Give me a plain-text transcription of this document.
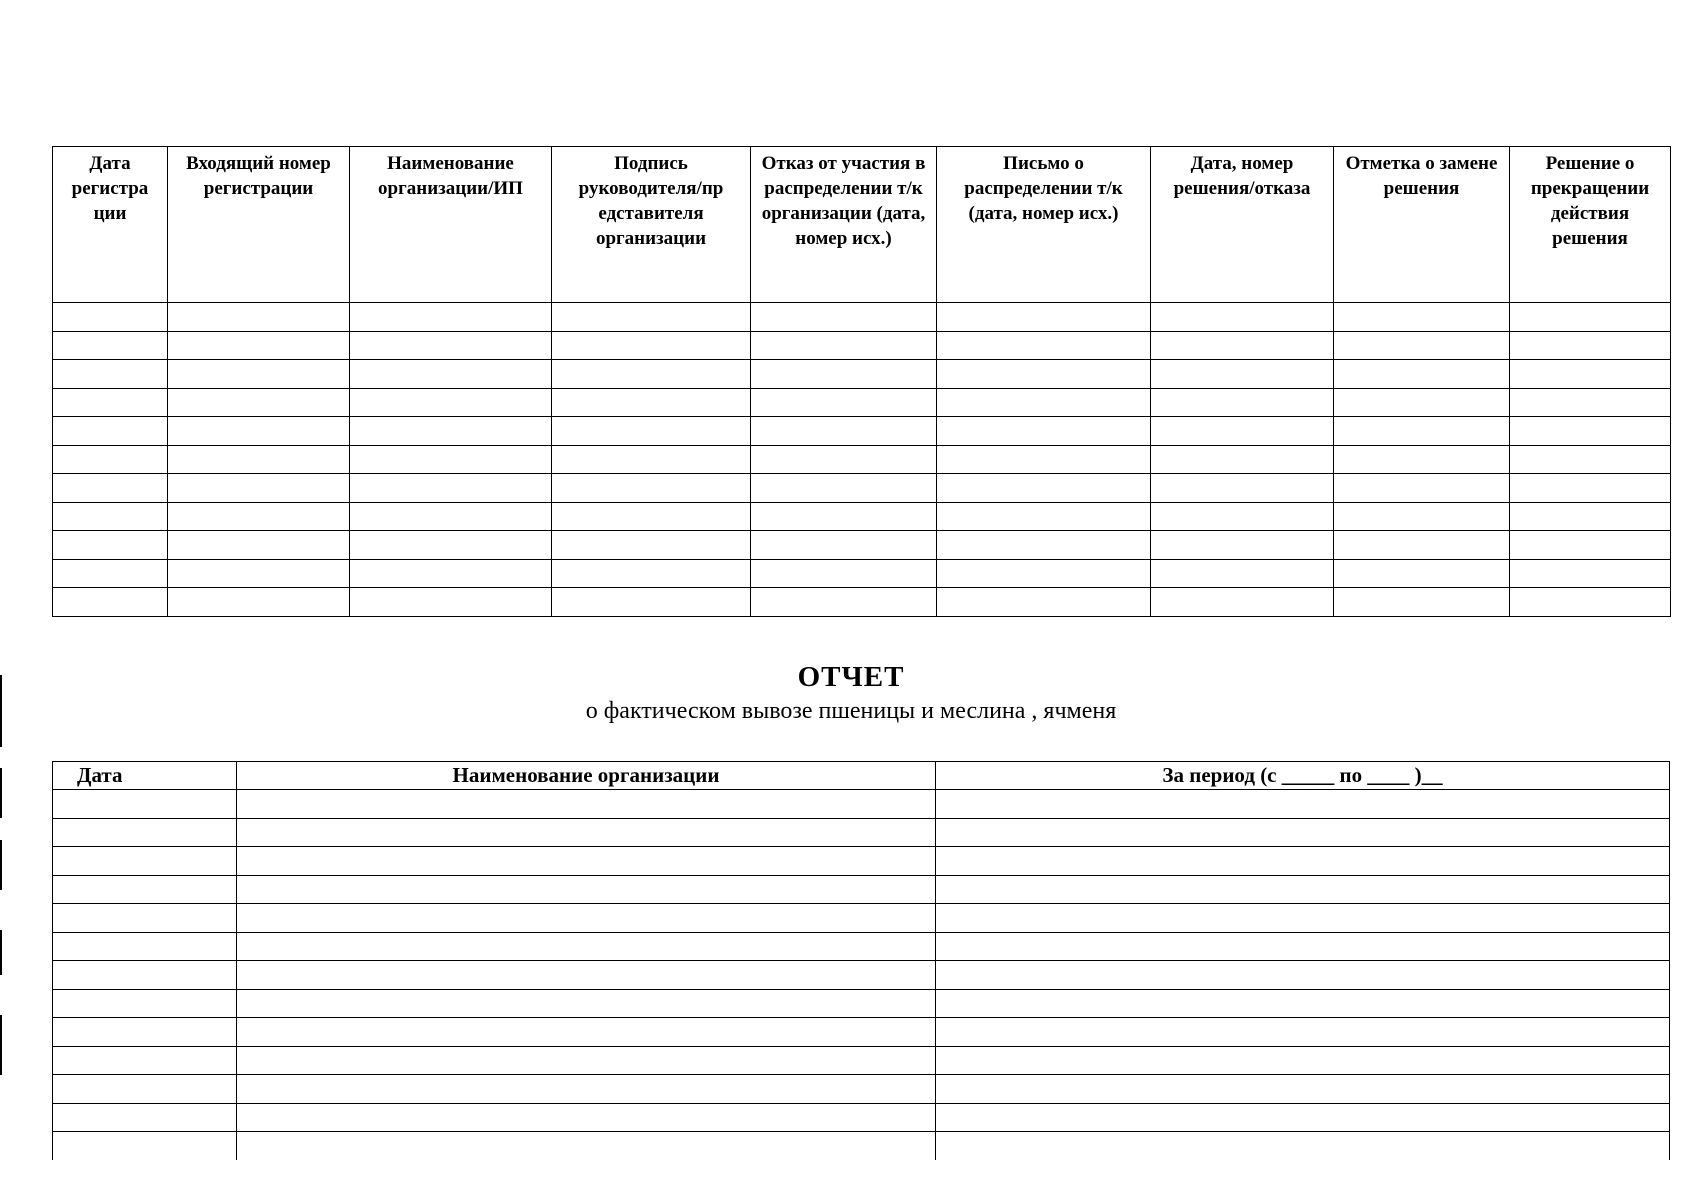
Дата регистра ции	Входящий номер регистрации	Наименование организации/ИП	Подпись руководителя/пр едставителя организации	Отказ от участия в распределении т/к организации (дата, номер исх.)	Письмо о распределении т/к (дата, номер исх.)	Дата, номер решения/отказа	Отметка о замене решения	Решение о прекращении действия решения

ОТЧЕТ
о фактическом вывозе пшеницы и меслина , ячменя
Дата	Наименование организации	За период (с _____ по ____ )__
